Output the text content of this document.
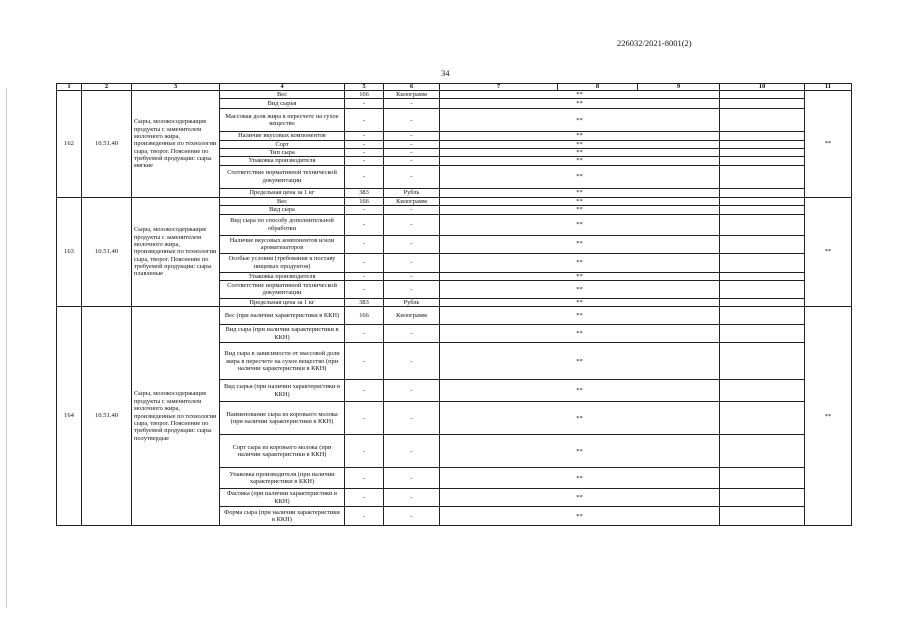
226032/2021-8001(2)
34
1	2	3	4	5	6	7	8	9	10	11
162	10.51.40	Сыры, молокосодержащие продукты с заменителем молочного жира, произведенные по технологии сыра, творог. Пояснение по требуемой продукции: сыры мягкие	Вес	166	Килограмм	**				**
			Вид сырья	-	-	**				
			Массовая доля жира в пересчете на сухое вещество	-	-	**				
			Наличие вкусовых компонентов	-	-	**				
			Сорт	-	-	**				
			Тип сыра	-	-	**				
			Упаковка производителя	-	-	**				
			Соответствие нормативной технической документации	-	-	**				
			Предельная цена за 1 кг	383	Рубль	**				
163	10.51.40	Сыры, молокосодержащие продукты с заменителем молочного жира, произведенные по технологии сыра, творог. Пояснение по требуемой продукции: сыры плавленые	Вес	166	Килограмм	**				**
			Вид сыра	-	-	**				
			Вид сыра по способу дополнительной обработки	-	-	**				
			Наличие вкусовых компонентов и/или ароматизаторов	-	-	**				
			Особые условия (требования к поставу пищевых продуктов)	-	-	**				
			Упаковка производителя	-	-	**				
			Соответствие нормативной технической документации	-	-	**				
			Предельная цена за 1 кг	383	Рубль	**				
164	10.51.40	Сыры, молокосодержащие продукты с заменителем молочного жира, произведенные по технологии сыра, творог. Пояснение по требуемой продукции: сыры полутвердые	Вес (при наличии характеристики в ККН)	166	Килограмм	**				**
			Вид сыра (при наличии характеристики в ККН)	-	-	**				
			Вид сыра в зависимости от массовой доли жира в пересчете на сухое вещество (при наличии характеристики в ККН)	-	-	**				
			Вид сырья (при наличии характеристики в ККН)	-	-	**				
			Наименование сыра из коровьего молока (при наличии характеристики в ККН)	-	-	**				
			Сорт сыра из коровьего молока (при наличии характеристики в ККН)	-	-	**				
			Упаковка производителя (при наличии характеристики в ККН)	-	-	**				
			Фасовка (при наличии характеристики в ККН)	-	-	**				
			Форма сыра (при наличии характеристики в ККН)	-	-	**				
